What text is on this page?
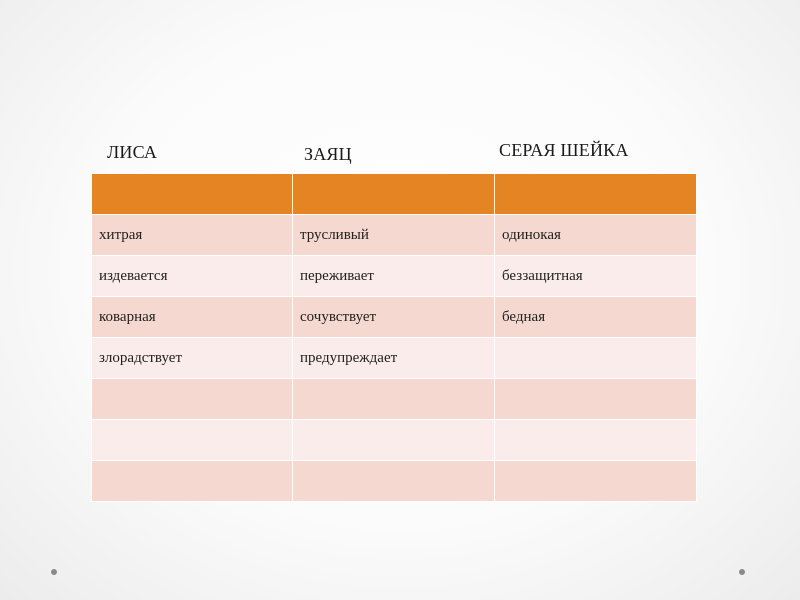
ЛИСА	ЗАЯЦ	СЕРАЯ ШЕЙКА

хитрая	трусливый	одинокая
издевается	переживает	беззащитная
коварная	сочувствует	бедная
злорадствует	предупреждает	
